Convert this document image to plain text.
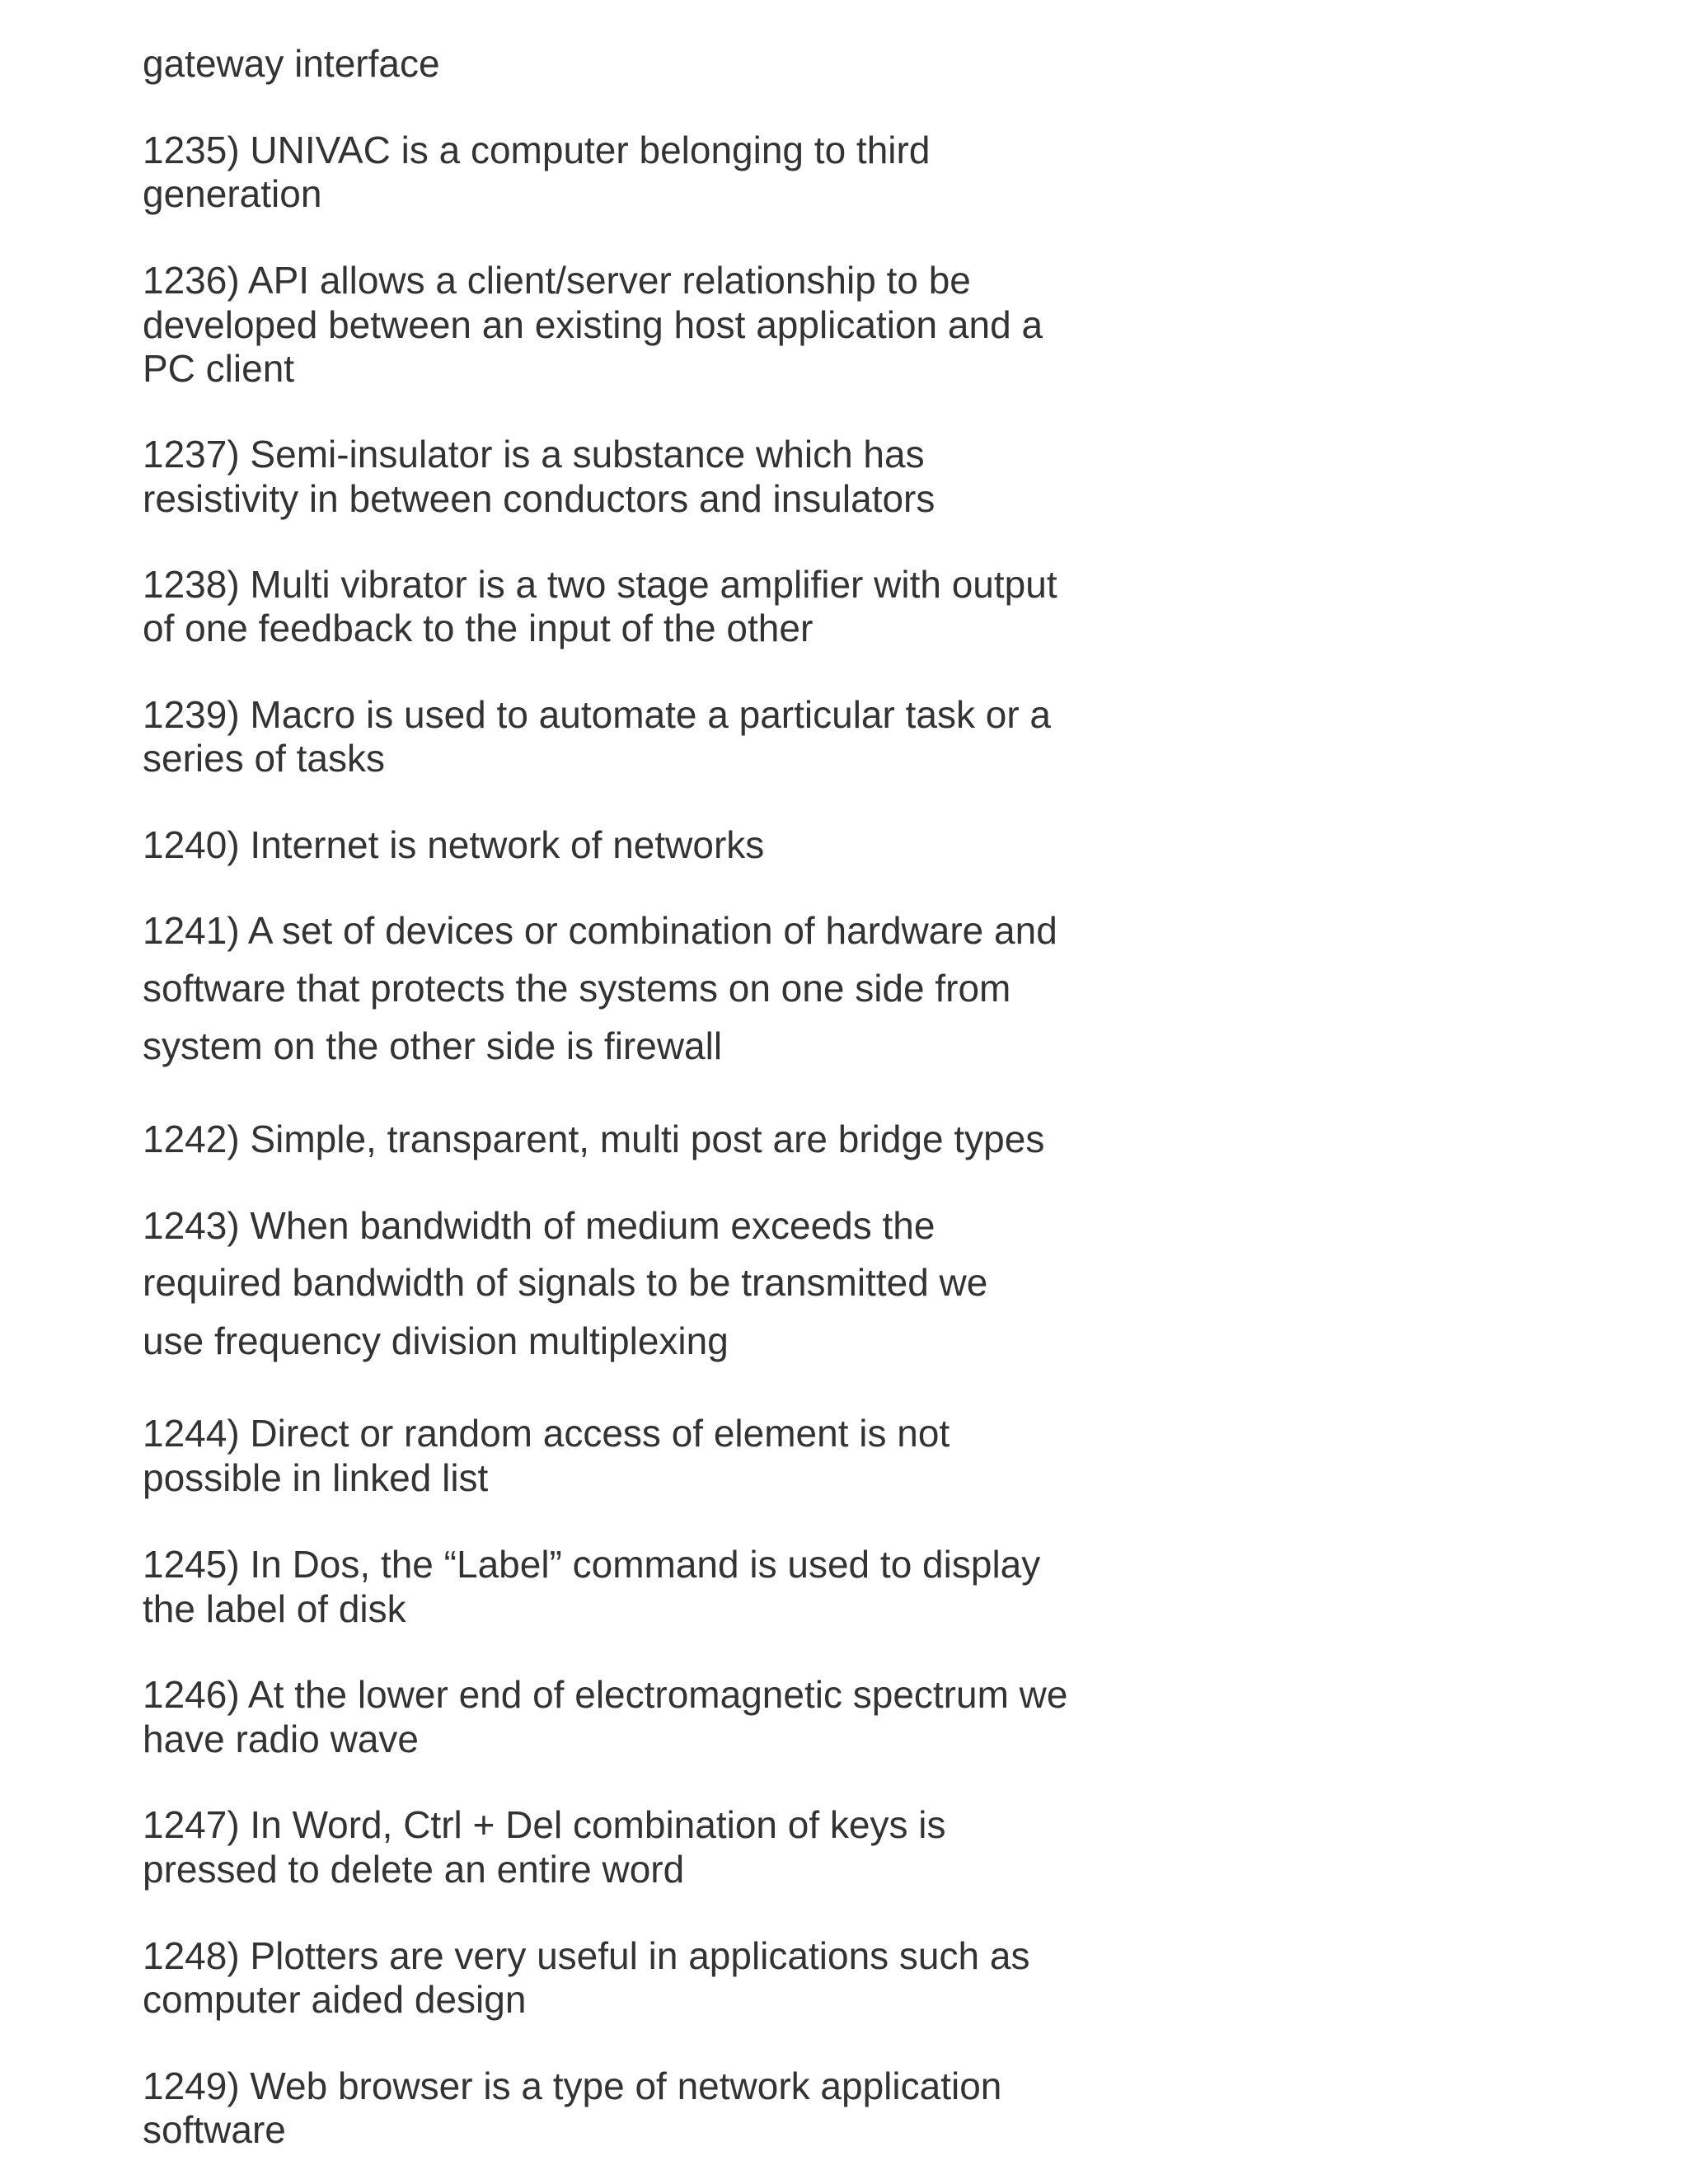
gateway interface

1235) UNIVAC is a computer belonging to third

generation

1236) API allows a client/server relationship to be

developed between an existing host application and a

PC client

1237) Semi-insulator is a substance which has

resistivity in between conductors and insulators

1238) Multi vibrator is a two stage amplifier with output

of one feedback to the input of the other

1239) Macro is used to automate a particular task or a

series of tasks

1240) Internet is network of networks

1241) A set of devices or combination of hardware and

software that protects the systems on one side from

system on the other side is firewall

1242) Simple, transparent, multi post are bridge types

1243) When bandwidth of medium exceeds the

required bandwidth of signals to be transmitted we

use frequency division multiplexing

1244) Direct or random access of element is not

possible in linked list

1245) In Dos, the “Label” command is used to display

the label of disk

1246) At the lower end of electromagnetic spectrum we

have radio wave

1247) In Word, Ctrl + Del combination of keys is

pressed to delete an entire word

1248) Plotters are very useful in applications such as

computer aided design

1249) Web browser is a type of network application

software
